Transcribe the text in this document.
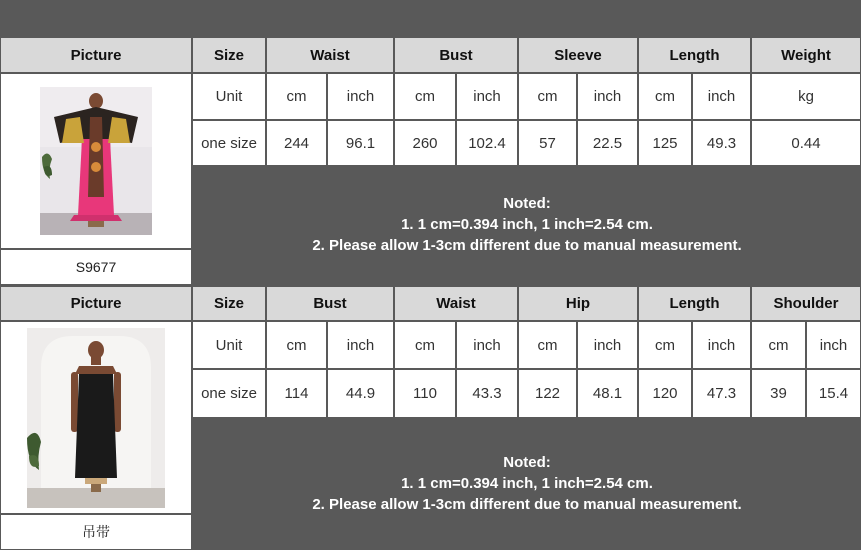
Picture	Size	Waist	Bust	Sleeve	Length	Weight
S9677
Unit	cm	inch	cm	inch	cm	inch	cm	inch	kg
one size	244	96.1	260	102.4	57	22.5	125	49.3	0.44
Noted:
1. 1 cm=0.394 inch, 1 inch=2.54 cm.
2. Please allow 1-3cm different due to manual measurement.
Picture	Size	Bust	Waist	Hip	Length	Shoulder
吊带
Unit	cm	inch	cm	inch	cm	inch	cm	inch	cm	inch
one size	114	44.9	110	43.3	122	48.1	120	47.3	39	15.4
Noted:
1. 1 cm=0.394 inch, 1 inch=2.54 cm.
2. Please allow 1-3cm different due to manual measurement.
